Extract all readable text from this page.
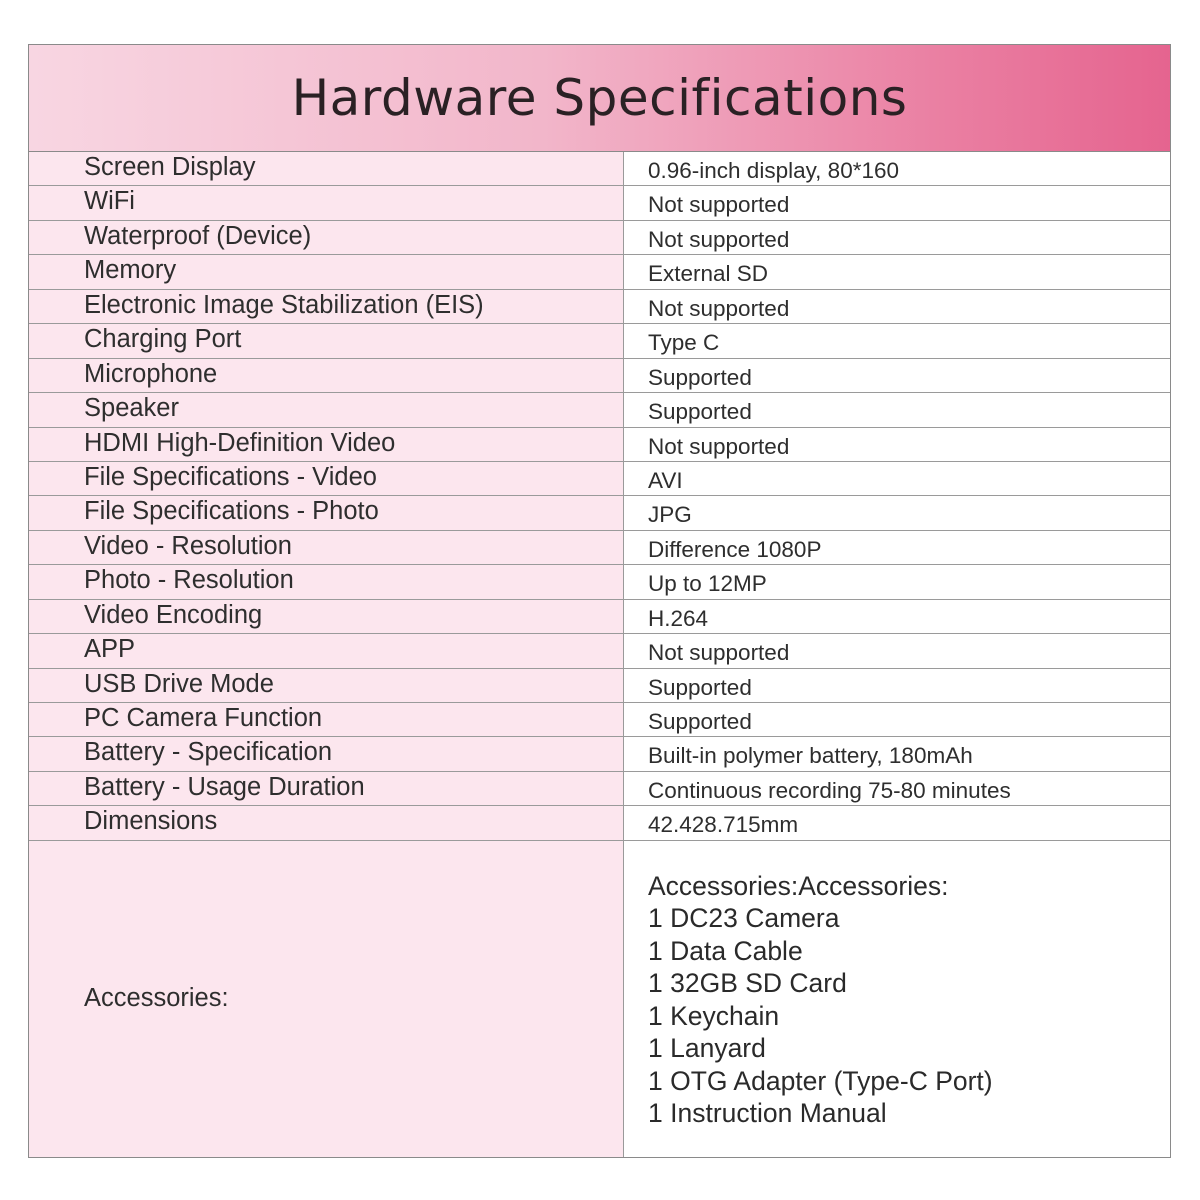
Hardware Specifications
Screen Display	0.96-inch display, 80*160
WiFi	Not supported
Waterproof (Device)	Not supported
Memory	External SD
Electronic Image Stabilization (EIS)	Not supported
Charging Port	Type C
Microphone	Supported
Speaker	Supported
HDMI High-Definition Video	Not supported
File Specifications - Video	AVI
File Specifications - Photo	JPG
Video - Resolution	Difference 1080P
Photo - Resolution	Up to 12MP
Video Encoding	H.264
APP	Not supported
USB Drive Mode	Supported
PC Camera Function	Supported
Battery - Specification	Built-in polymer battery, 180mAh
Battery - Usage Duration	Continuous recording 75-80 minutes
Dimensions	42.428.715mm
Accessories:
Accessories:Accessories:
1 DC23 Camera
1 Data Cable
1 32GB SD Card
1 Keychain
1 Lanyard
1 OTG Adapter (Type-C Port)
1 Instruction Manual
